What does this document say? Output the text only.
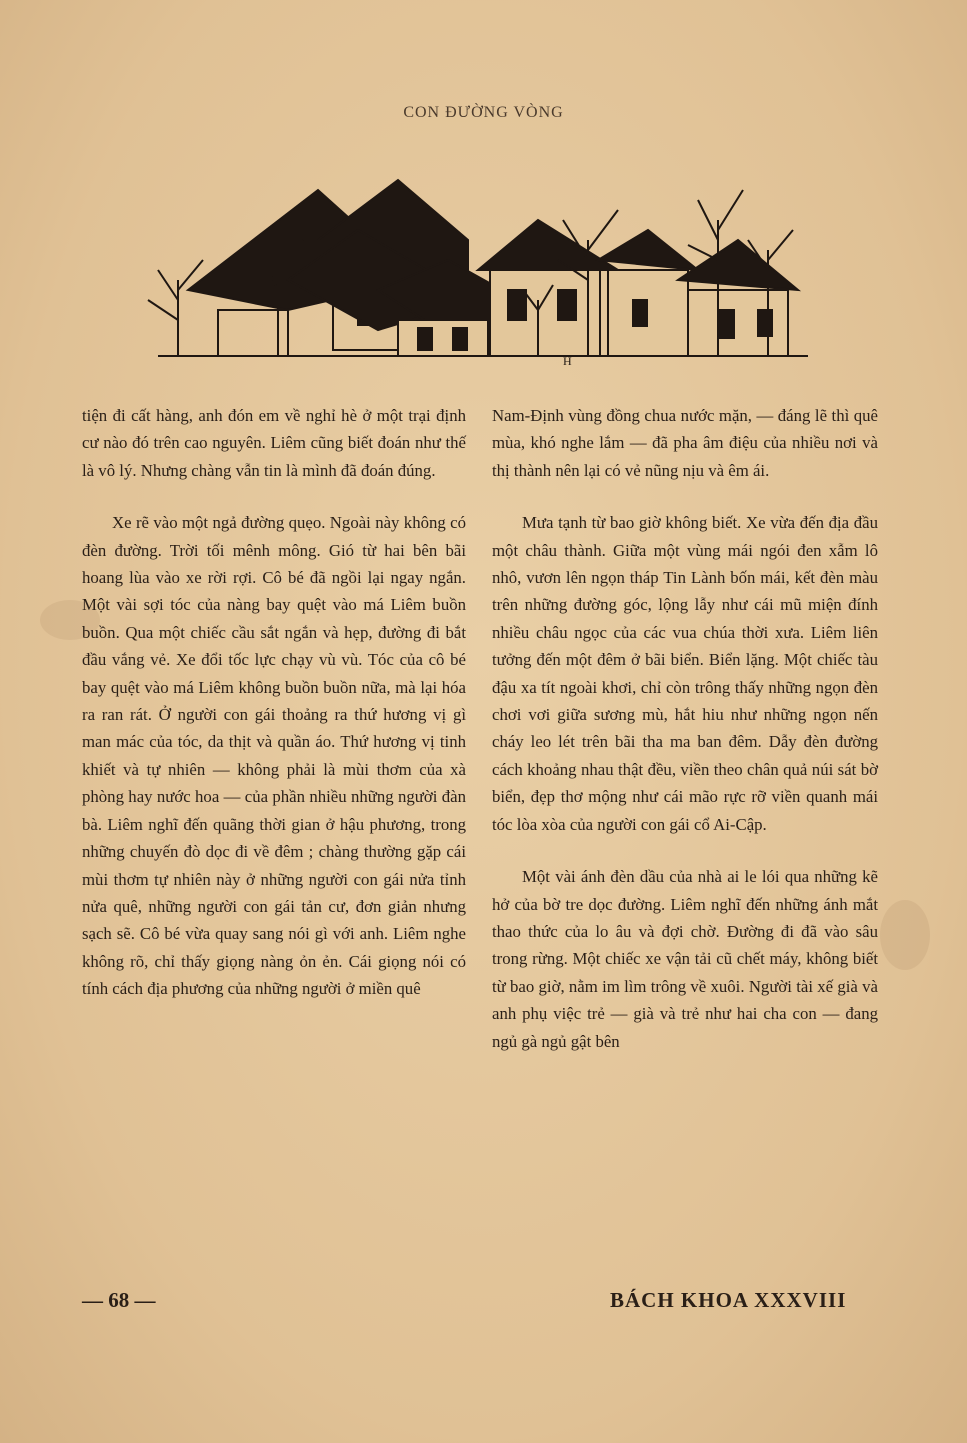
CON ĐƯỜNG VÒNG
H

tiện đi cất hàng, anh đón em về nghỉ hè ở một trại định cư nào đó trên cao nguyên. Liêm cũng biết đoán như thế là vô lý. Nhưng chàng vẫn tin là mình đã đoán đúng.

Xe rẽ vào một ngả đường quẹo. Ngoài này không có đèn đường. Trời tối mênh mông. Gió từ hai bên bãi hoang lùa vào xe rời rợi. Cô bé đã ngồi lại ngay ngắn. Một vài sợi tóc của nàng bay quệt vào má Liêm buồn buồn. Qua một chiếc cầu sắt ngắn và hẹp, đường đi bắt đầu vắng vẻ. Xe đổi tốc lực chạy vù vù. Tóc của cô bé bay quệt vào má Liêm không buồn buồn nữa, mà lại hóa ra ran rát. Ở người con gái thoảng ra thứ hương vị gì man mác của tóc, da thịt và quần áo. Thứ hương vị tinh khiết và tự nhiên — không phải là mùi thơm của xà phòng hay nước hoa — của phần nhiều những người đàn bà. Liêm nghĩ đến quãng thời gian ở hậu phương, trong những chuyến đò dọc đi về đêm ; chàng thường gặp cái mùi thơm tự nhiên này ở những người con gái nửa tỉnh nửa quê, những người con gái tản cư, đơn giản nhưng sạch sẽ. Cô bé vừa quay sang nói gì với anh. Liêm nghe không rõ, chỉ thấy giọng nàng ỏn ẻn. Cái giọng nói có tính cách địa phương của những người ở miền quê

Nam-Định vùng đồng chua nước mặn, — đáng lẽ thì quê mùa, khó nghe lắm — đã pha âm điệu của nhiều nơi và thị thành nên lại có vẻ nũng nịu và êm ái.

Mưa tạnh từ bao giờ không biết. Xe vừa đến địa đầu một châu thành. Giữa một vùng mái ngói đen xẫm lô nhô, vươn lên ngọn tháp Tin Lành bốn mái, kết đèn màu trên những đường góc, lộng lẫy như cái mũ miện đính nhiều châu ngọc của các vua chúa thời xưa. Liêm liên tưởng đến một đêm ở bãi biển. Biển lặng. Một chiếc tàu đậu xa tít ngoài khơi, chỉ còn trông thấy những ngọn đèn chơi vơi giữa sương mù, hắt hiu như những ngọn nến cháy leo lét trên bãi tha ma ban đêm. Dẫy đèn đường cách khoảng nhau thật đều, viền theo chân quả núi sát bờ biển, đẹp thơ mộng như cái mão rực rỡ viền quanh mái tóc lòa xòa của người con gái cổ Ai-Cập.

Một vài ánh đèn dầu của nhà ai le lói qua những kẽ hở của bờ tre dọc đường. Liêm nghĩ đến những ánh mắt thao thức của lo âu và đợi chờ. Đường đi đã vào sâu trong rừng. Một chiếc xe vận tải cũ chết máy, không biết từ bao giờ, nằm im lìm trông về xuôi. Người tài xế già và anh phụ việc trẻ — già và trẻ như hai cha con — đang ngủ gà ngủ gật bên

— 68 —	BÁCH KHOA XXXVIII
